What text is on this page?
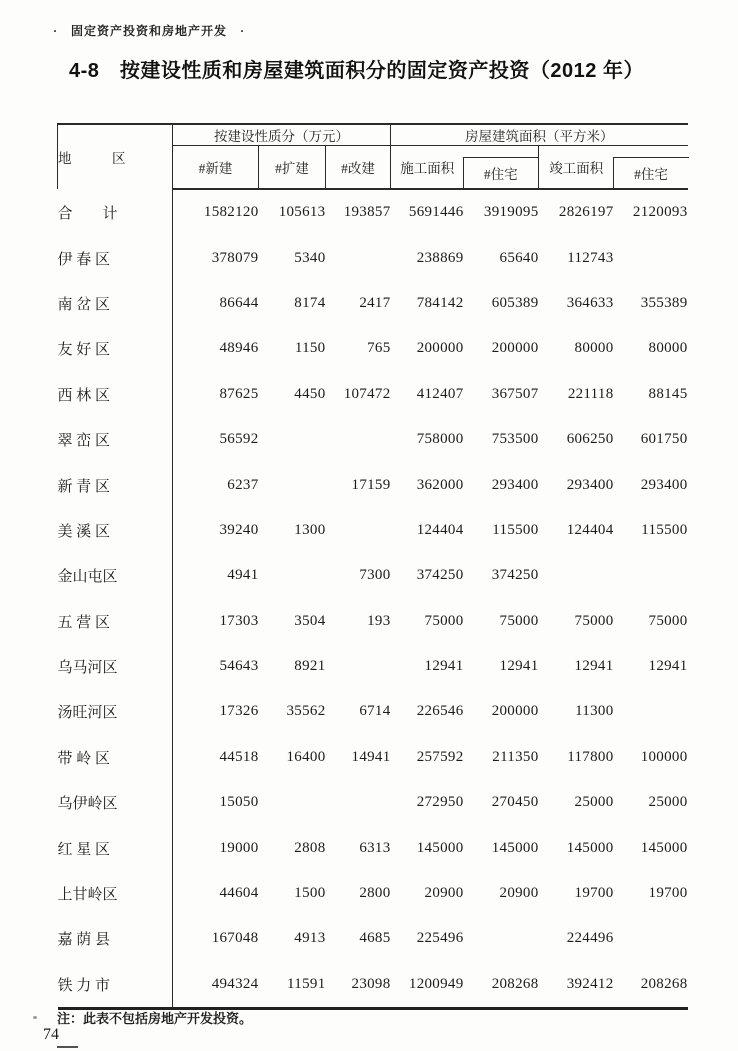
·　固定资产投资和房地产开发　·
4-8　按建设性质和房屋建筑面积分的固定资产投资（2012 年）
地　　　区	按建设性质分（万元）			房屋建筑面积（平方米）			
	#新建	#扩建	#改建	施工面积	#住宅	竣工面积	#住宅

合　　计	1582120	105613	193857	5691446	3919095	2826197	2120093
伊 春 区	378079	5340		238869	65640	112743	
南 岔 区	86644	8174	2417	784142	605389	364633	355389
友 好 区	48946	1150	765	200000	200000	80000	80000
西 林 区	87625	4450	107472	412407	367507	221118	88145
翠 峦 区	56592			758000	753500	606250	601750
新 青 区	6237		17159	362000	293400	293400	293400
美 溪 区	39240	1300		124404	115500	124404	115500
金山屯区	4941		7300	374250	374250		
五 营 区	17303	3504	193	75000	75000	75000	75000
乌马河区	54643	8921		12941	12941	12941	12941
汤旺河区	17326	35562	6714	226546	200000	11300	
带 岭 区	44518	16400	14941	257592	211350	117800	100000
乌伊岭区	15050			272950	270450	25000	25000
红 星 区	19000	2808	6313	145000	145000	145000	145000
上甘岭区	44604	1500	2800	20900	20900	19700	19700
嘉 荫 县	167048	4913	4685	225496		224496	
铁 力 市	494324	11591	23098	1200949	208268	392412	208268
注：此表不包括房地产开发投资。
74
